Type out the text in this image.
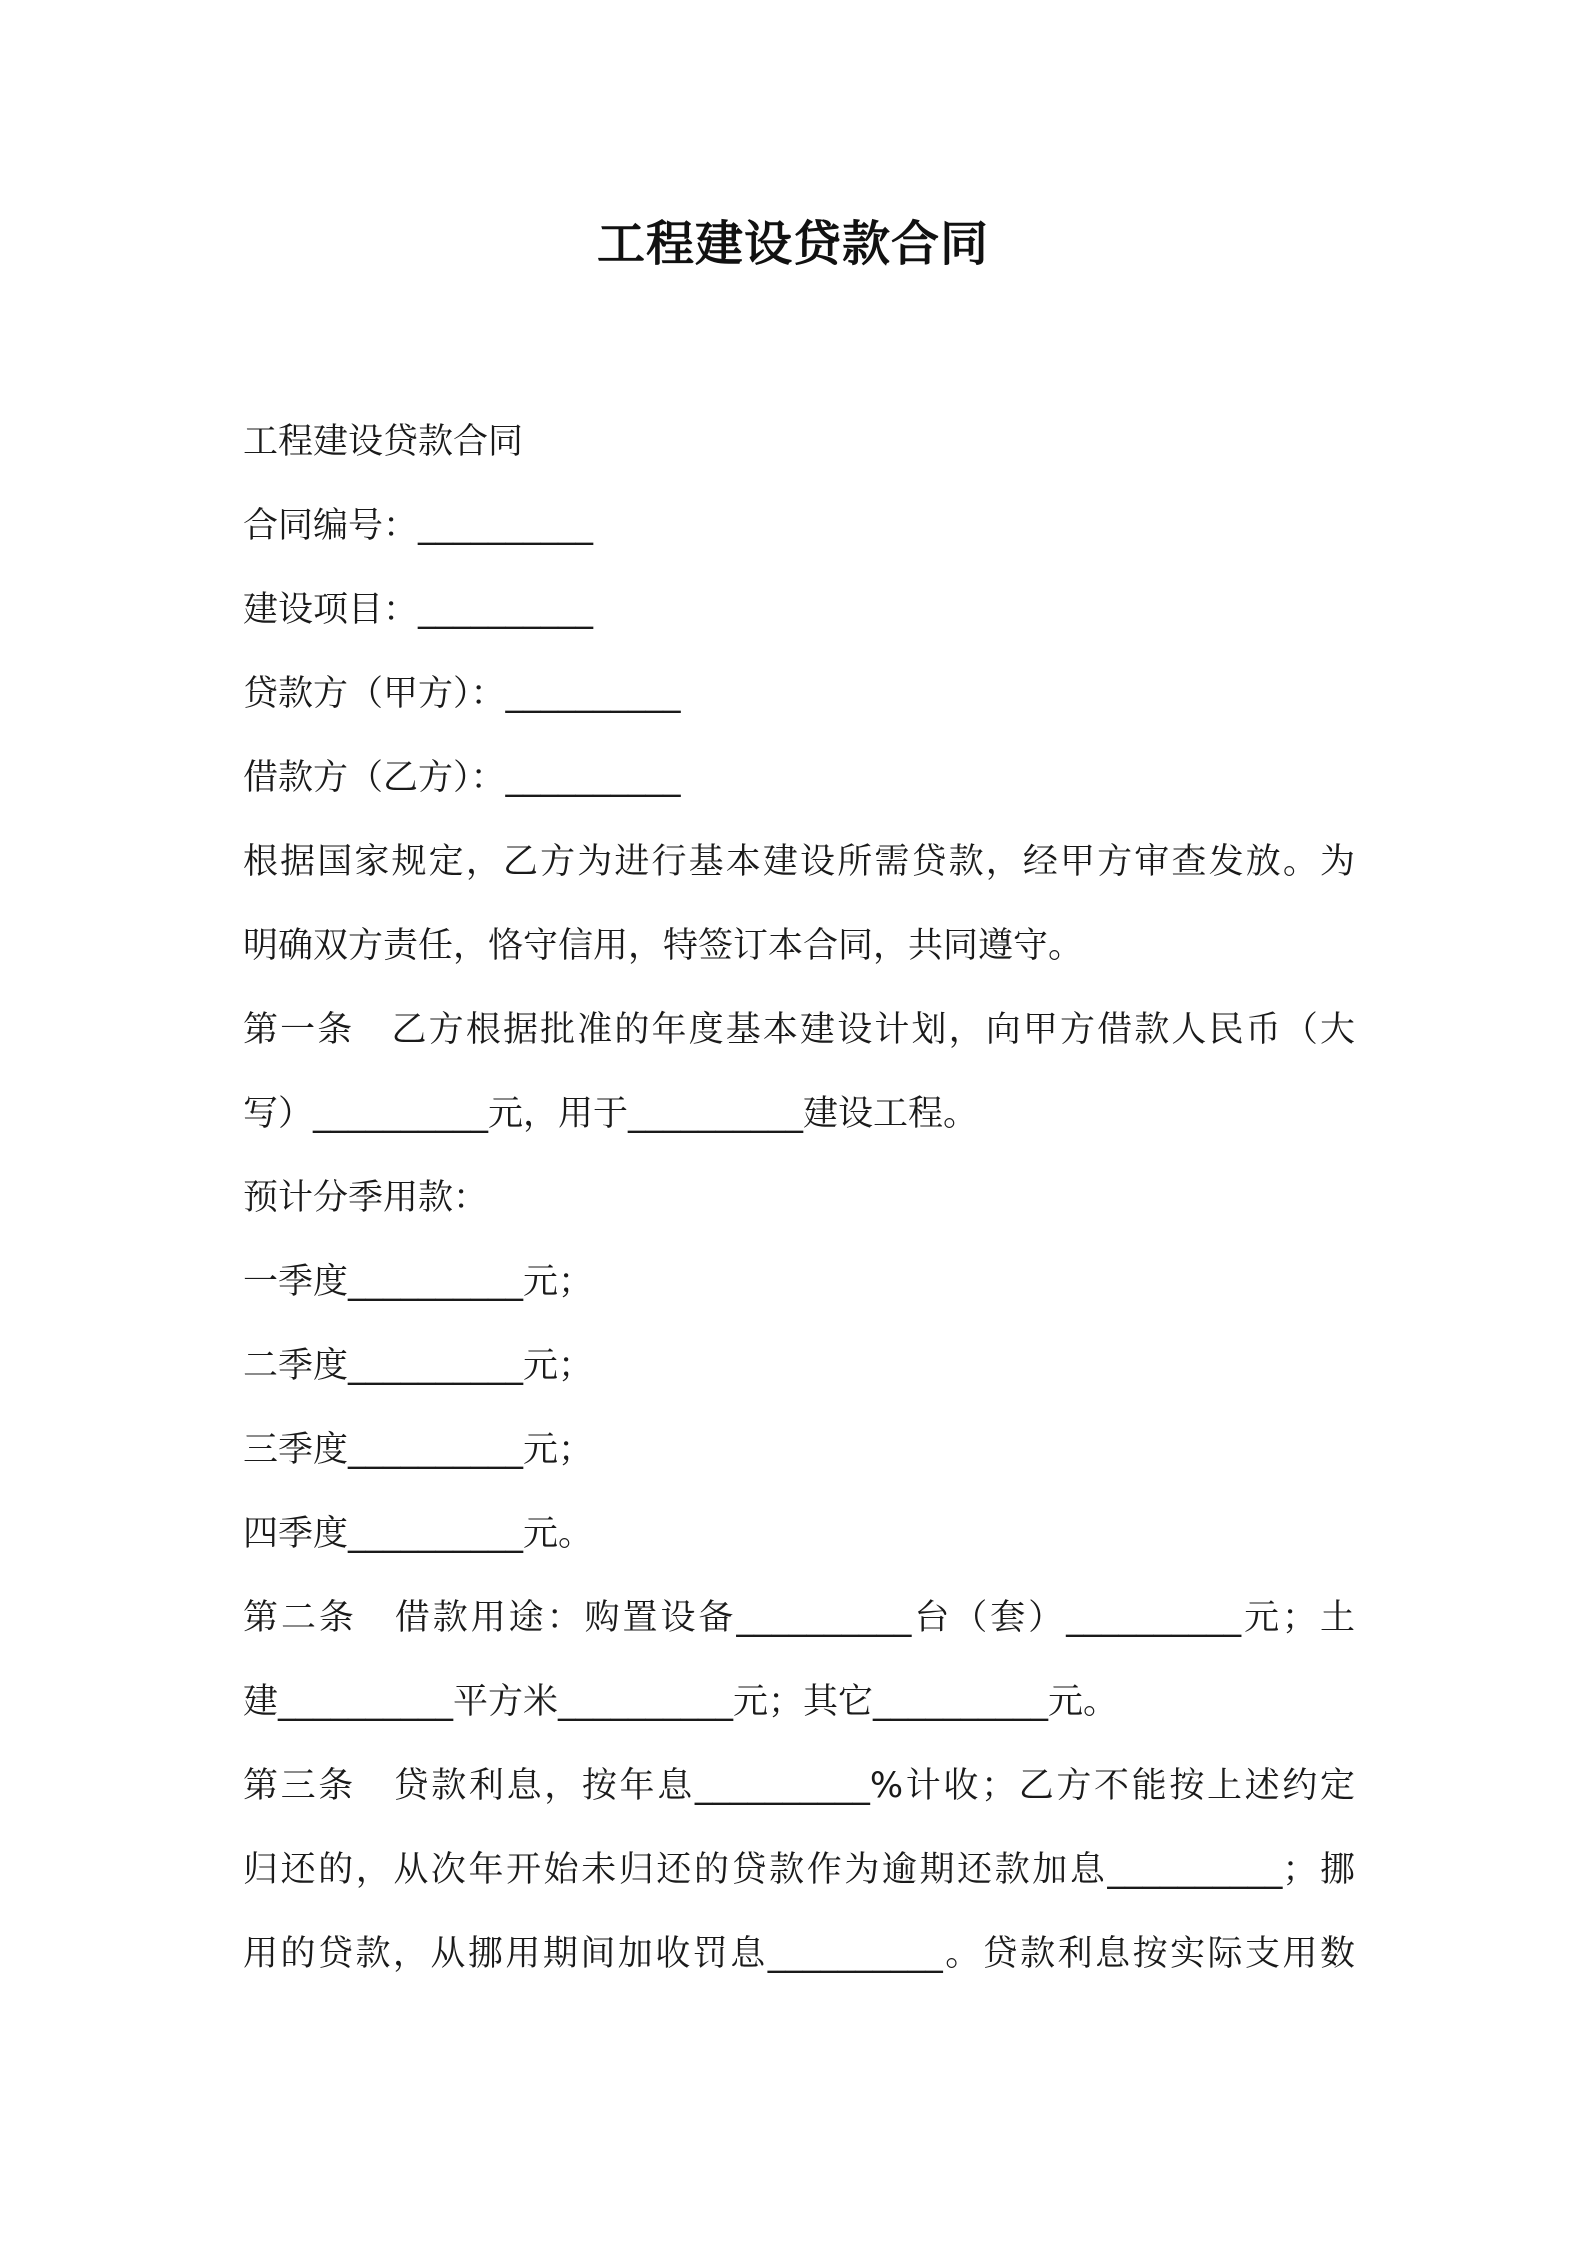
工程建设贷款合同
工程建设贷款合同
合同编号：__________
建设项目：__________
贷款方（甲方）：__________
借款方（乙方）：__________
根据国家规定，乙方为进行基本建设所需贷款，经甲方审查发放。为
明确双方责任，恪守信用，特签订本合同，共同遵守。
第一条　乙方根据批准的年度基本建设计划，向甲方借款人民币（大
写）__________元，用于__________建设工程。
预计分季用款：
一季度__________元；
二季度__________元；
三季度__________元；
四季度__________元。
第二条　借款用途：购置设备__________台（套）__________元；土
建__________平方米__________元；其它__________元。
第三条　贷款利息，按年息__________%计收；乙方不能按上述约定
归还的，从次年开始未归还的贷款作为逾期还款加息__________；挪
用的贷款，从挪用期间加收罚息__________。贷款利息按实际支用数
